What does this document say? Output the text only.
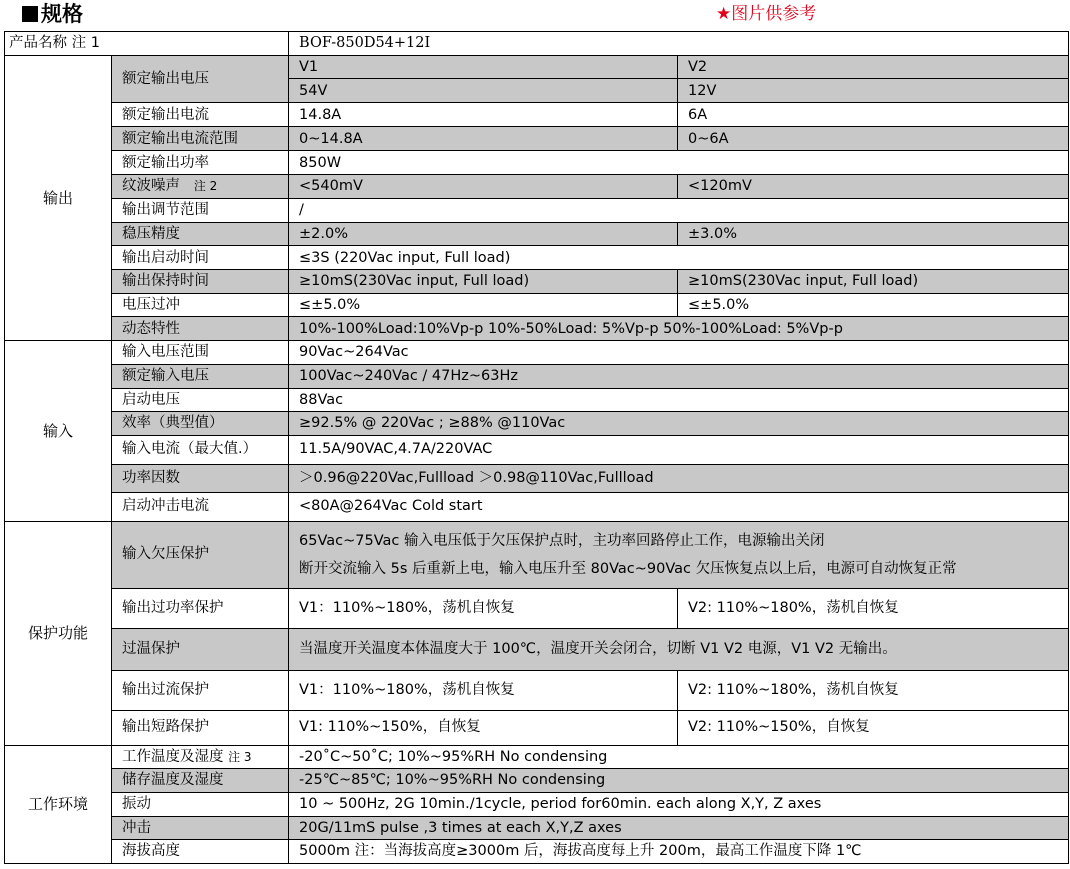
规格	★图片供参考
产品名称 注 1		BOF-850D54+12I	
输出	额定输出电压	V1	V2
		54V	12V
	额定输出电流	14.8A	6A
	额定输出电流范围	0~14.8A	0~6A
	额定输出功率	850W	
	纹波噪声 注 2	<540mV	<120mV
	输出调节范围	/	
	稳压精度	±2.0%	±3.0%
	输出启动时间	≤3S (220Vac input, Full load)	
	输出保持时间	≥10mS(230Vac input, Full load)	≥10mS(230Vac input, Full load)
	电压过冲	≤±5.0%	≤±5.0%
	动态特性	10%-100%Load:10%Vp-p 10%-50%Load: 5%Vp-p 50%-100%Load: 5%Vp-p	
输入	输入电压范围	90Vac~264Vac	
	额定输入电压	100Vac~240Vac / 47Hz~63Hz	
	启动电压	88Vac	
	效率（典型值）	≥92.5% @ 220Vac ; ≥88% @110Vac	
	输入电流（最大值.）	11.5A/90VAC,4.7A/220VAC	
	功率因数	＞0.96@220Vac,Fullload ＞0.98@110Vac,Fullload	
	启动冲击电流	<80A@264Vac Cold start	
保护功能	输入欠压保护	65Vac~75Vac 输入电压低于欠压保护点时，主功率回路停止工作，电源输出关闭
断开交流输入 5s 后重新上电，输入电压升至 80Vac~90Vac 欠压恢复点以上后，电源可自动恢复正常	

	输出过功率保护	V1：110%~180%，荡机自恢复	V2: 110%~180%，荡机自恢复
	过温保护	当温度开关温度本体温度大于 100℃，温度开关会闭合，切断 V1 V2 电源，V1 V2 无输出。	
	输出过流保护	V1：110%~180%，荡机自恢复	V2: 110%~180%，荡机自恢复
	输出短路保护	V1: 110%~150%，自恢复	V2: 110%~150%，自恢复
工作环境	工作温度及湿度 注 3	-20˚C~50˚C; 10%~95%RH No condensing	
	储存温度及湿度	-25℃~85℃; 10%~95%RH No condensing	
	振动	10 ~ 500Hz, 2G 10min./1cycle, period for60min. each along X,Y, Z axes	
	冲击	20G/11mS pulse ,3 times at each X,Y,Z axes	
	海拔高度	5000m 注：当海拔高度≥3000m 后，海拔高度每上升 200m，最高工作温度下降 1℃	
